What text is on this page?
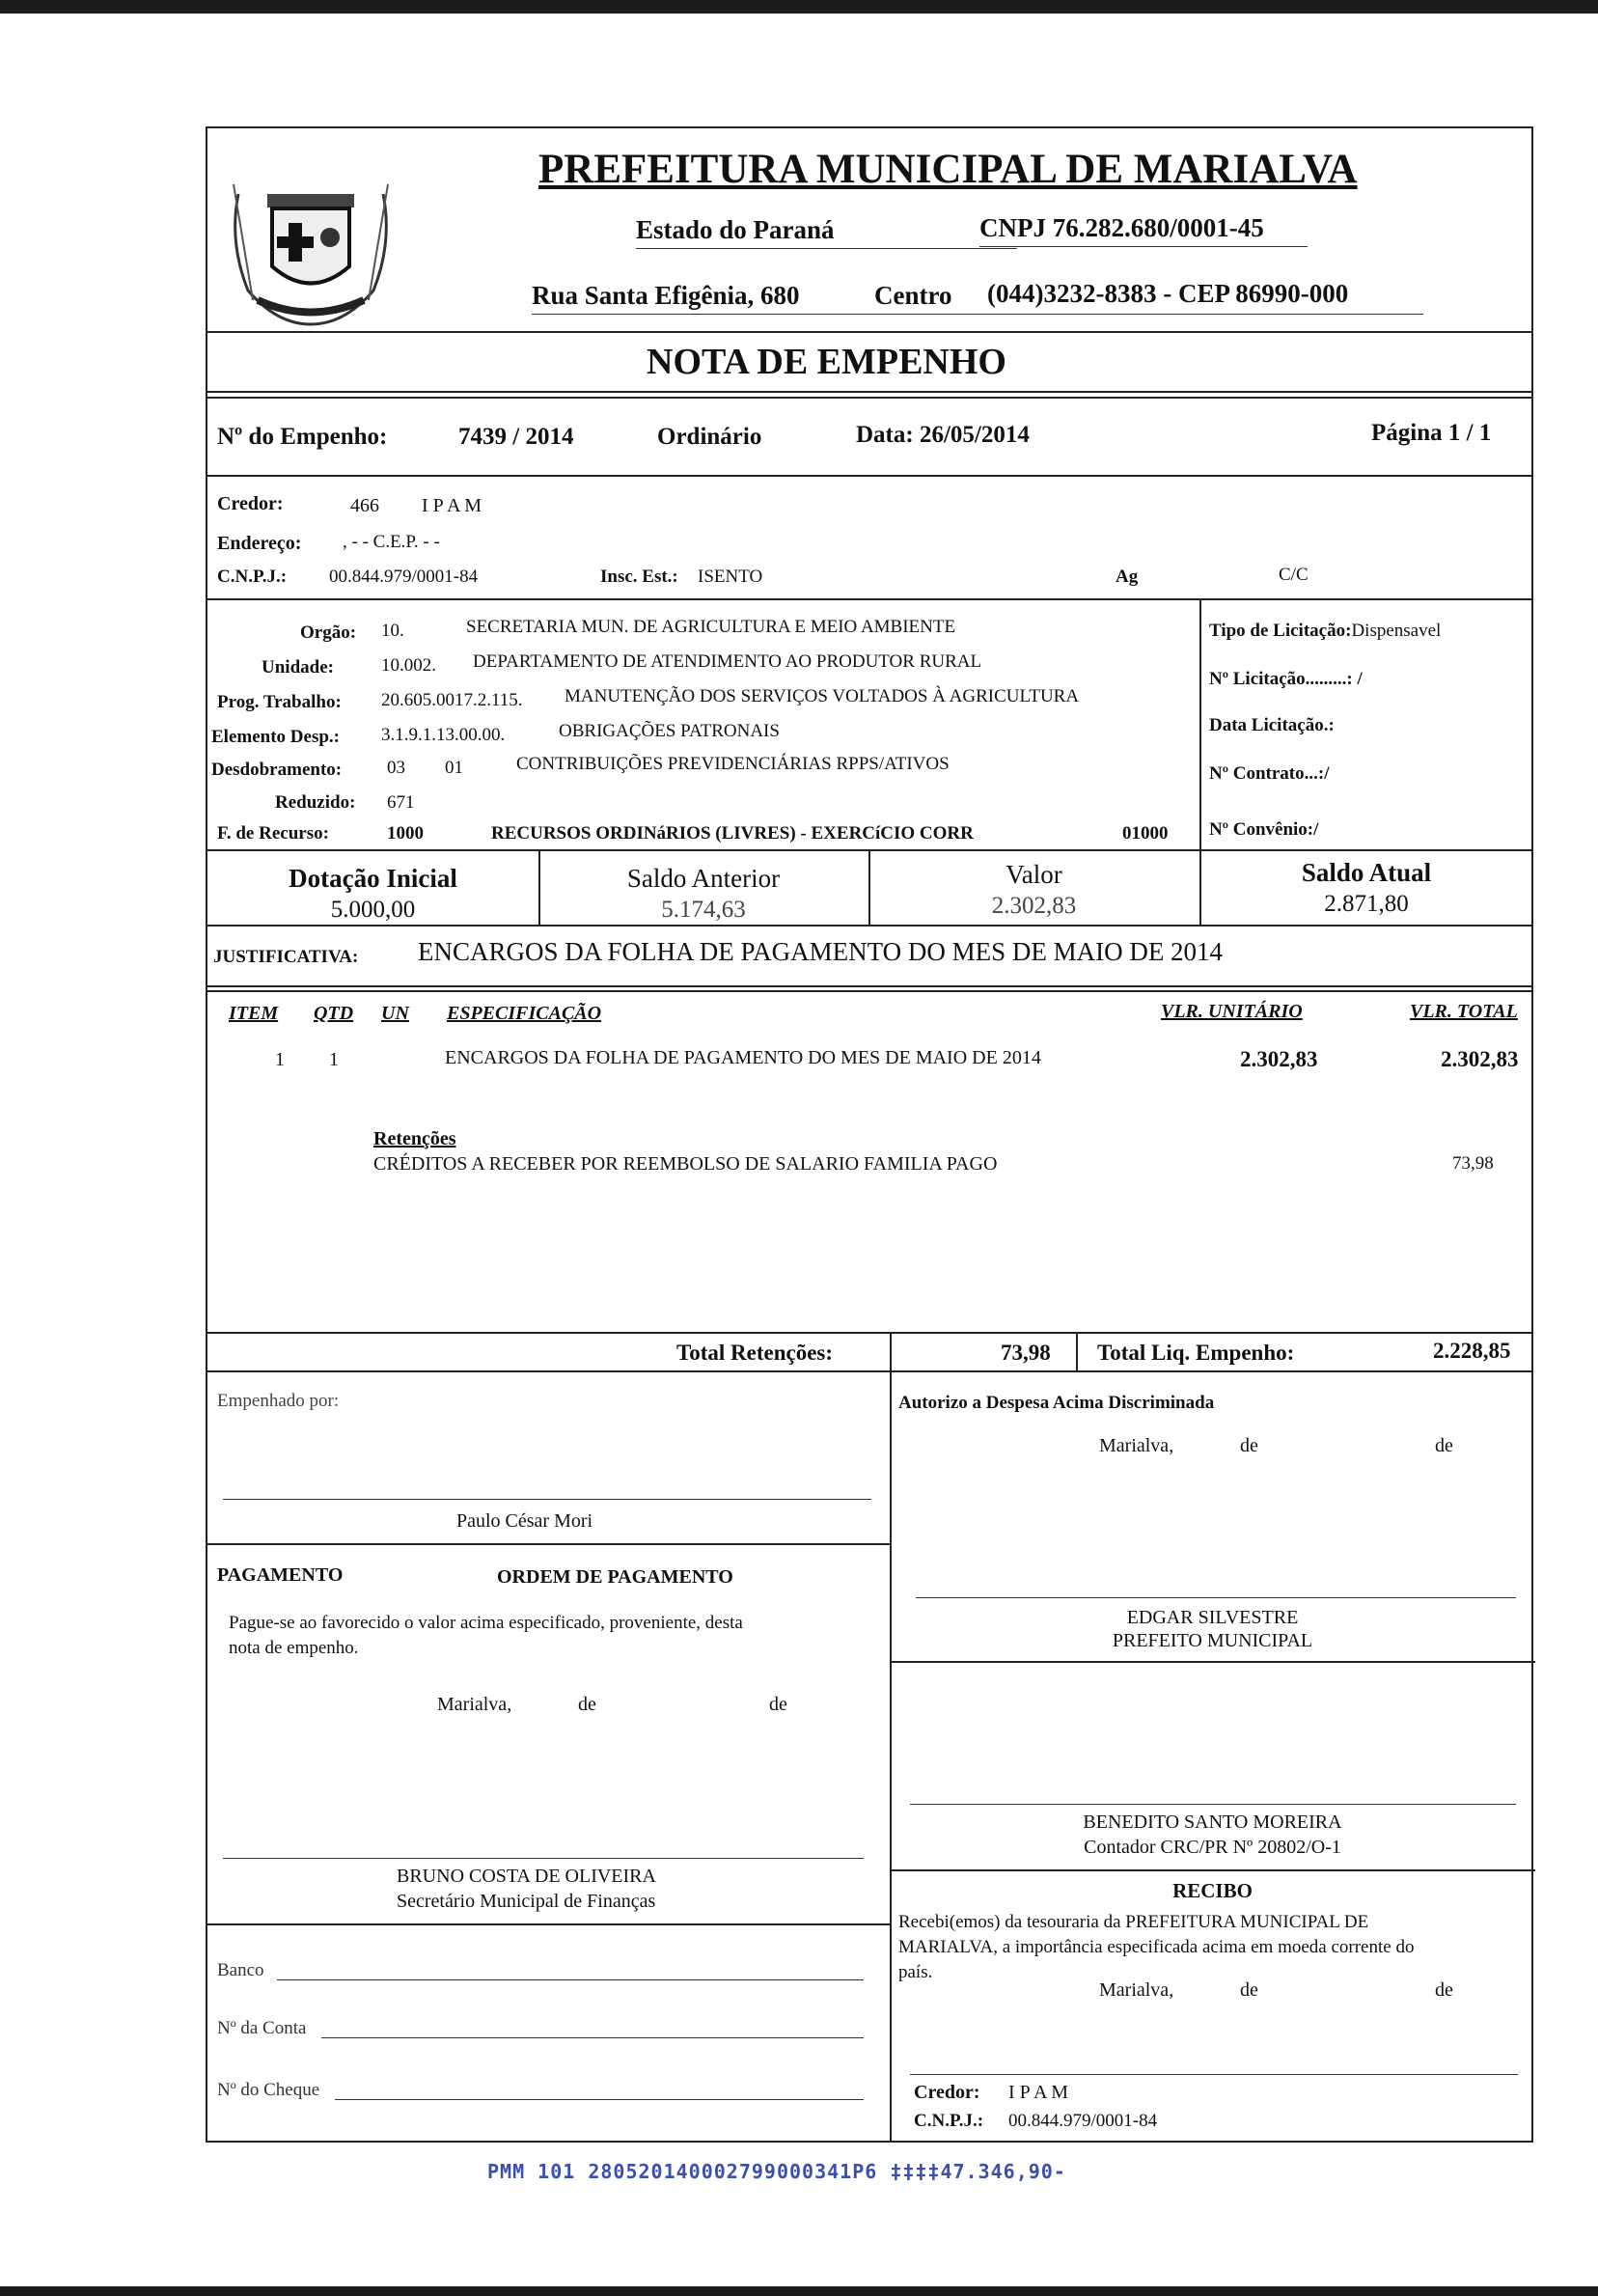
PREFEITURA MUNICIPAL DE MARIALVA
Estado do Paraná	CNPJ 76.282.680/0001-45
Rua Santa Efigênia, 680	Centro (044)3232-8383 - CEP 86990-000
NOTA DE EMPENHO
Nº do Empenho:	7439 / 2014	Ordinário	Data: 26/05/2014	Página 1 / 1
Credor:	466 I P A M
Endereço: , - - C.E.P. - -
C.N.P.J.: 00.844.979/0001-84	Insc. Est.: ISENTO	Ag	C/C
Orgão: 10.	SECRETARIA MUN. DE AGRICULTURA E MEIO AMBIENTE
Unidade:	10.002. DEPARTAMENTO DE ATENDIMENTO AO PRODUTOR RURAL
Prog. Trabalho: 20.605.0017.2.115. MANUTENÇÃO DOS SERVIÇOS VOLTADOS À AGRICULTURA
Elemento Desp.: 3.1.9.1.13.00.00.	OBRIGAÇÕES PATRONAIS
Desdobramento: 03 01	CONTRIBUIÇÕES PREVIDENCIÁRIAS RPPS/ATIVOS
Reduzido: 671
F. de Recurso:	1000	RECURSOS ORDINáRIOS (LIVRES) - EXERCíCIO CORR	01000
Tipo de Licitação:Dispensavel
Nº Licitação.........: /
Data Licitação.:
Nº Contrato...:/
Nº Convênio:/
Dotação Inicial
5.000,00
Saldo Anterior
5.174,63
Valor
2.302,83
Saldo Atual
2.871,80
JUSTIFICATIVA: ENCARGOS DA FOLHA DE PAGAMENTO DO MES DE MAIO DE 2014
ITEM QTD UN ESPECIFICAÇÃO	VLR. UNITÁRIO	VLR. TOTAL
1 1	ENCARGOS DA FOLHA DE PAGAMENTO DO MES DE MAIO DE 2014	2.302,83	2.302,83
Retenções
CRÉDITOS A RECEBER POR REEMBOLSO DE SALARIO FAMILIA PAGO	73,98
Total Retenções:	73,98 Total Liq. Empenho:	2.228,85
Empenhado por:
Paulo César Mori
PAGAMENTO	ORDEM DE PAGAMENTO
Pague-se ao favorecido o valor acima especificado, proveniente, desta
nota de empenho.
Marialva,	de	de
BRUNO COSTA DE OLIVEIRA
Secretário Municipal de Finanças
Banco
Nº da Conta
Nº do Cheque
Autorizo a Despesa Acima Discriminada
Marialva,	de	de
EDGAR SILVESTRE
PREFEITO MUNICIPAL
BENEDITO SANTO MOREIRA
Contador CRC/PR Nº 20802/O-1
RECIBO
Recebi(emos) da tesouraria da PREFEITURA MUNICIPAL DE
MARIALVA, a importância especificada acima em moeda corrente do
país.
Marialva,	de	de
Credor: I P A M
C.N.P.J.: 00.844.979/0001-84
PMM 101 2805201400027990003‌41P6 ‡‡‡‡47.346,90-
